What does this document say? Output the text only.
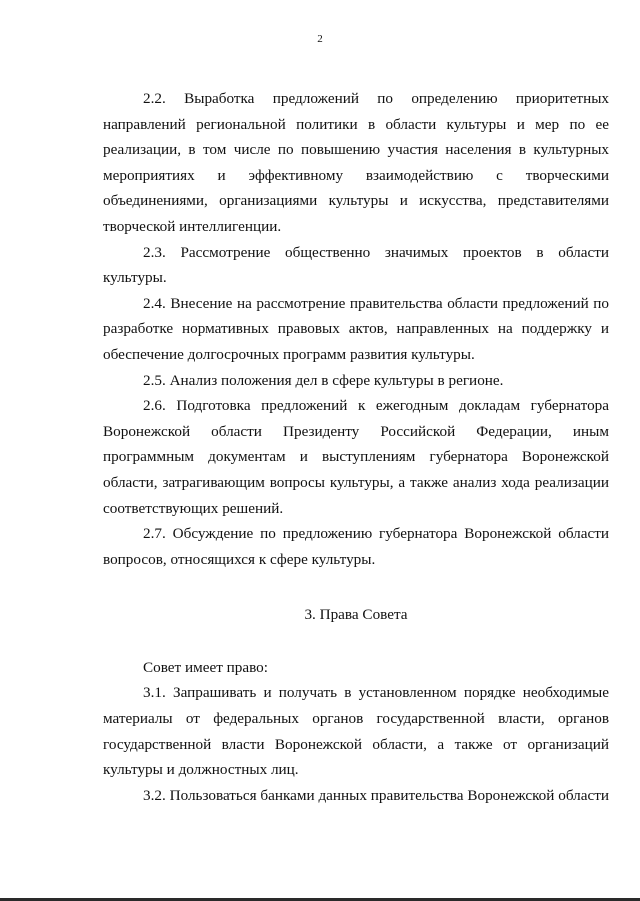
2

2.2. Выработка предложений по определению приоритетных направлений региональной политики в области культуры и мер по ее реализации, в том числе по повышению участия населения в культурных мероприятиях и эффективному взаимодействию с творческими объединениями, организациями культуры и искусства, представителями творческой интеллигенции.

2.3. Рассмотрение общественно значимых проектов в области культуры.

2.4. Внесение на рассмотрение правительства области предложений по разработке нормативных правовых актов, направленных на поддержку и обеспечение долгосрочных программ развития культуры.

2.5. Анализ положения дел в сфере культуры в регионе.

2.6. Подготовка предложений к ежегодным докладам губернатора Воронежской области Президенту Российской Федерации, иным программным документам и выступлениям губернатора Воронежской области, затрагивающим вопросы культуры, а также анализ хода реализации соответствующих решений.

2.7. Обсуждение по предложению губернатора Воронежской области вопросов, относящихся к сфере культуры.

3. Права Совета

Совет имеет право:

3.1. Запрашивать и получать в установленном порядке необходимые материалы от федеральных органов государственной власти, органов государственной власти Воронежской области, а также от организаций культуры и должностных лиц.

3.2. Пользоваться банками данных правительства Воронежской области
